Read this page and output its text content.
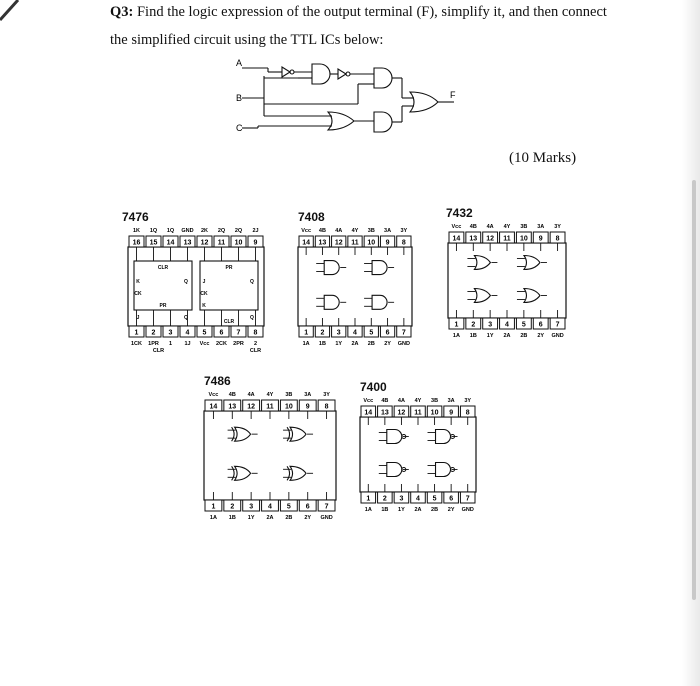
Q3: Find the logic expression of the output terminal (F), simplify it, and then connect
the simplified circuit using the TTL ICs below:
A
B
C
F
(10 Marks)
7476
1K
16
1
1CK
1Q
15
2
1PR
1Q
14
3
1
GND
13
4
1J
2K
12
5
Vcc
2Q
11
6
2CK
2Q
10
7
2PR
2J
9
8
2
CLR	CLR
CLR
K	Q
CK
PR
J	Q
PR
J	Q
CK
K
Q
CLR
7408
Vcc
14
1
1A
4B
13
2
1B
4A
12
3
1Y
4Y
11
4
2A
3B
10
5
2B
3A
9
6
2Y
3Y
8
7
GND
7432
Vcc
14
1
1A
4B
13
2
1B
4A
12
3
1Y
4Y
11
4
2A
3B
10
5
2B
3A
9
6
2Y
3Y
8
7
GND
7486
Vcc
14
1
1A
4B
13
2
1B
4A
12
3
1Y
4Y
11
4
2A
3B
10
5
2B
3A
9
6
2Y
3Y
8
7
GND
7400
Vcc
14
1
1A
4B
13
2
1B
4A
12
3
1Y
4Y
11
4
2A
3B
10
5
2B
3A
9
6
2Y
3Y
8
7
GND
